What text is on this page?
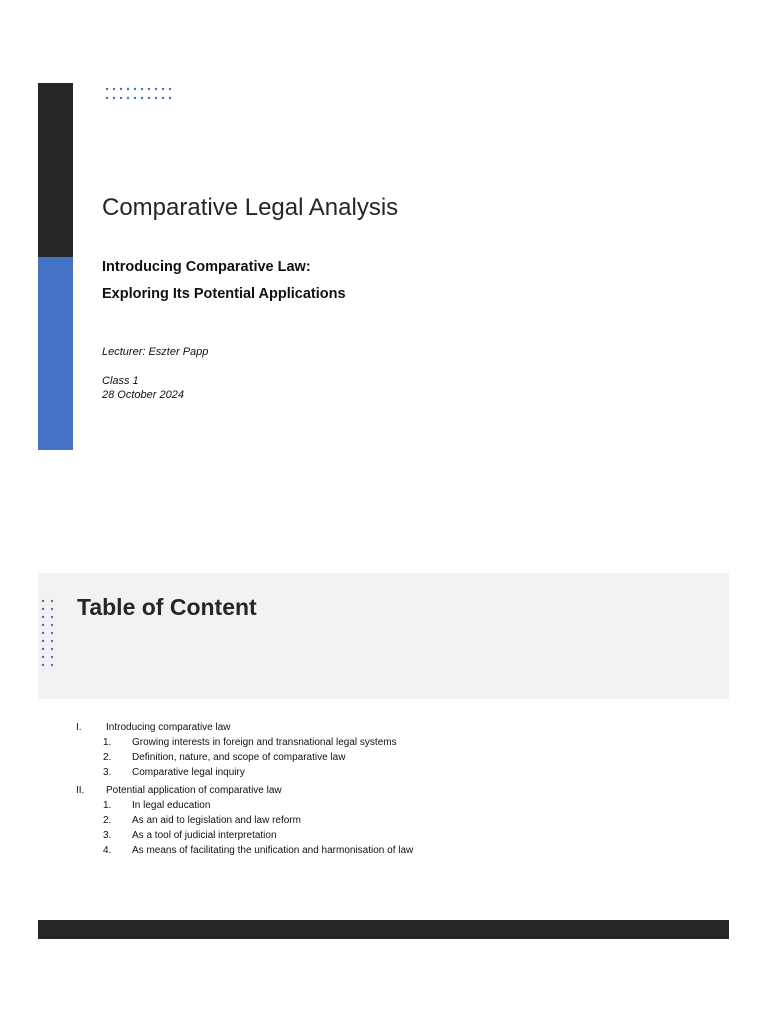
Comparative Legal Analysis

Introducing Comparative Law:

Exploring Its Potential Applications

Lecturer: Eszter Papp

Class 1

28 October 2024

Table of Content
I.	Introducing comparative law
1.	Growing interests in foreign and transnational legal systems
2.	Definition, nature, and scope of comparative law
3.	Comparative legal inquiry
II.	Potential application of comparative law
1.	In legal education
2.	As an aid to legislation and law reform
3.	As a tool of judicial interpretation
4.	As means of facilitating the unification and harmonisation of law
